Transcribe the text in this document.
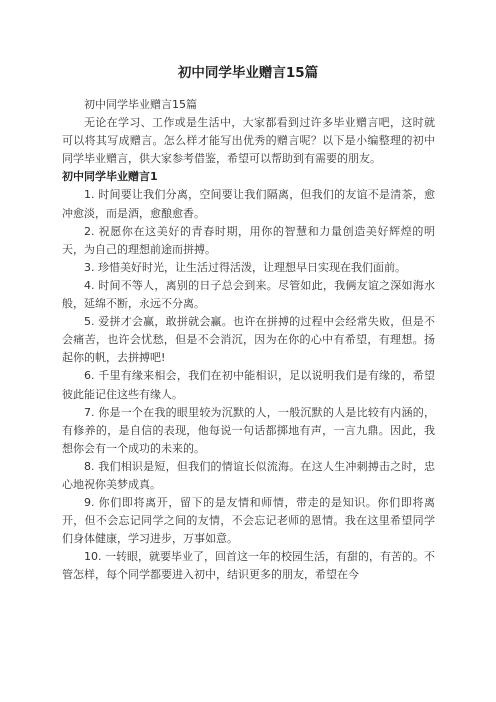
初中同学毕业赠言15篇

初中同学毕业赠言15篇

无论在学习、工作或是生活中，大家都看到过许多毕业赠言吧，这时就可以将其写成赠言。怎么样才能写出优秀的赠言呢？以下是小编整理的初中同学毕业赠言，供大家参考借鉴，希望可以帮助到有需要的朋友。

初中同学毕业赠言1

1. 时间要让我们分离，空间要让我们隔离，但我们的友谊不是清茶，愈冲愈淡，而是酒，愈酿愈香。

2. 祝愿你在这美好的青春时期，用你的智慧和力量创造美好辉煌的明天，为自己的理想前途而拼搏。

3. 珍惜美好时光，让生活过得活泼，让理想早日实现在我们面前。

4. 时间不等人，离别的日子总会到来。尽管如此，我俩友谊之深如海水般，延绵不断，永远不分离。

5. 爱拼才会赢，敢拼就会赢。也许在拼搏的过程中会经常失败，但是不会痛苦，也许会忧愁，但是不会消沉，因为在你的心中有希望，有理想。扬起你的帆，去拼搏吧!

6. 千里有缘来相会，我们在初中能相识，足以说明我们是有缘的，希望彼此能记住这些有缘人。

7. 你是一个在我的眼里较为沉默的人，一般沉默的人是比较有内涵的，有修养的，是自信的表现，他每说一句话都掷地有声，一言九鼎。因此，我想你会有一个成功的未来的。

8. 我们相识是短，但我们的情谊长似流海。在这人生冲刺搏击之时，忠心地祝你美梦成真。

9. 你们即将离开，留下的是友情和师情，带走的是知识。你们即将离开，但不会忘记同学之间的友情，不会忘记老师的恩情。我在这里希望同学们身体健康，学习进步，万事如意。

10. 一转眼，就要毕业了，回首这一年的校园生活，有甜的，有苦的。不管怎样，每个同学都要进入初中，结识更多的朋友，希望在今
